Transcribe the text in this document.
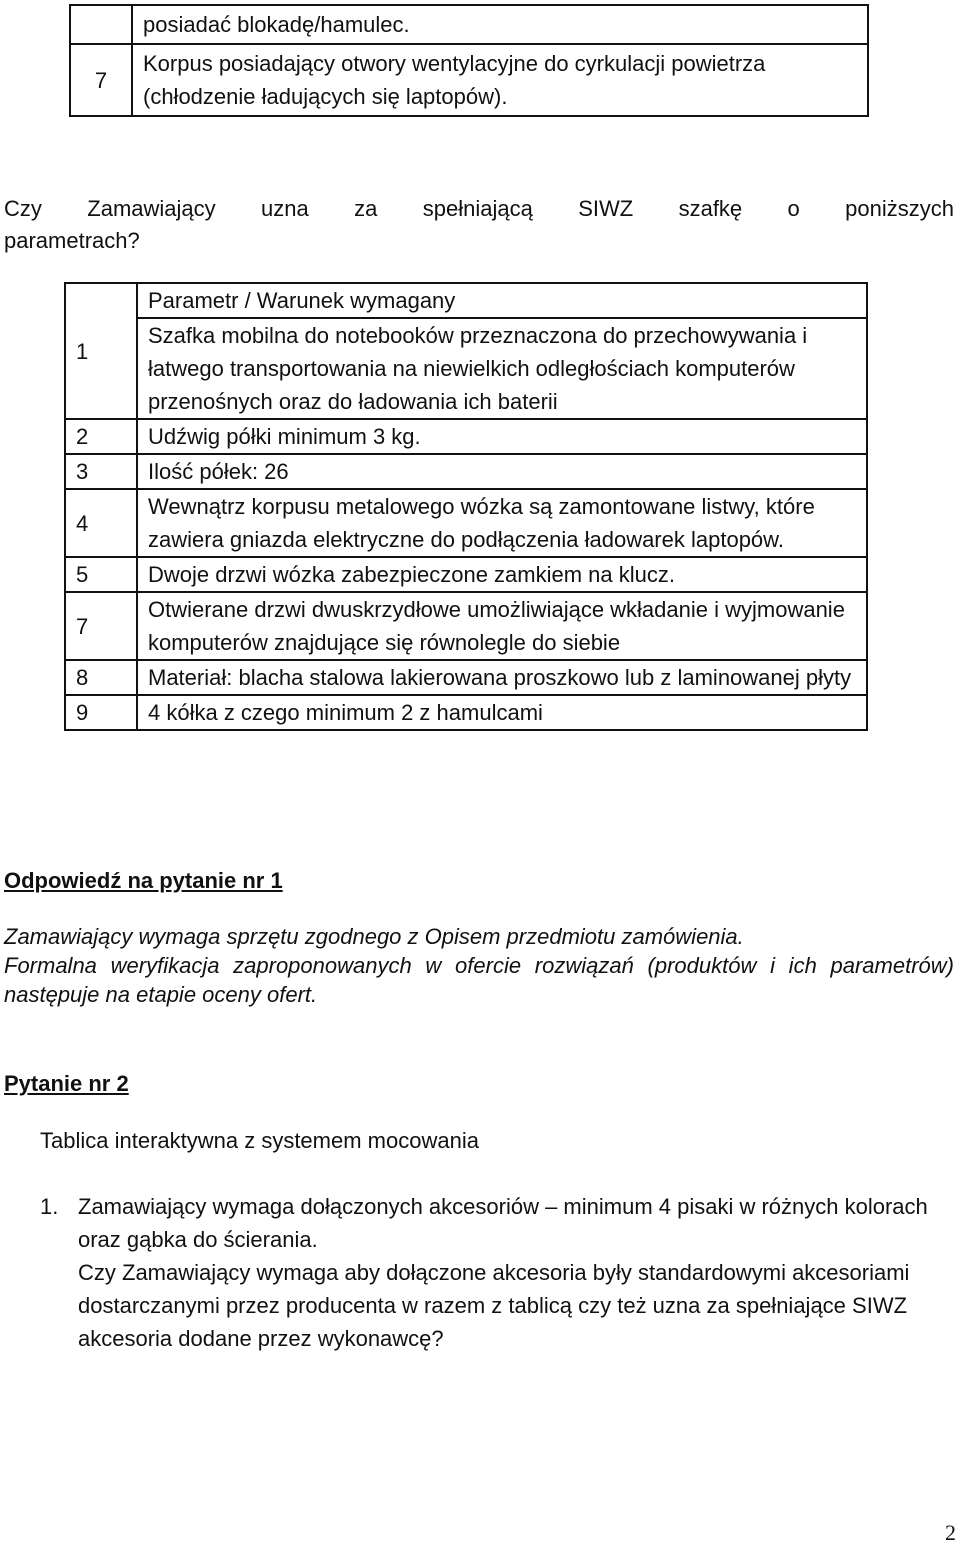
	posiadać blokadę/hamulec.
7	Korpus posiadający otwory wentylacyjne do cyrkulacji powietrza (chłodzenie ładujących się laptopów).
Czy Zamawiający uzna za spełniającą SIWZ szafkę o poniższych
parametrach?
1	Parametr / Warunek wymagany
	Szafka mobilna do notebooków przeznaczona do przechowywania i łatwego transportowania na niewielkich odległościach komputerów przenośnych oraz do ładowania ich baterii
2	Udźwig półki minimum 3 kg.
3	Ilość półek: 26
4	Wewnątrz korpusu metalowego wózka są zamontowane listwy, które zawiera gniazda elektryczne do podłączenia ładowarek laptopów.
5	Dwoje drzwi wózka zabezpieczone zamkiem na klucz.
7	Otwierane drzwi dwuskrzydłowe umożliwiające wkładanie i wyjmowanie komputerów znajdujące się równolegle do siebie
8	Materiał: blacha stalowa lakierowana proszkowo lub z laminowanej płyty
9	4 kółka z czego minimum 2 z hamulcami
Odpowiedź na pytanie nr 1
Zamawiający wymaga sprzętu zgodnego z Opisem przedmiotu zamówienia.
Formalna weryfikacja zaproponowanych w ofercie rozwiązań (produktów i ich parametrów) następuje na etapie oceny ofert.
Pytanie nr 2
Tablica interaktywna z systemem mocowania
1. Zamawiający wymaga dołączonych akcesoriów – minimum 4 pisaki w różnych kolorach oraz gąbka do ścierania.
Czy Zamawiający wymaga aby dołączone akcesoria były standardowymi akcesoriami dostarczanymi przez producenta w razem z tablicą czy też uzna za spełniające SIWZ akcesoria dodane przez wykonawcę?
2
